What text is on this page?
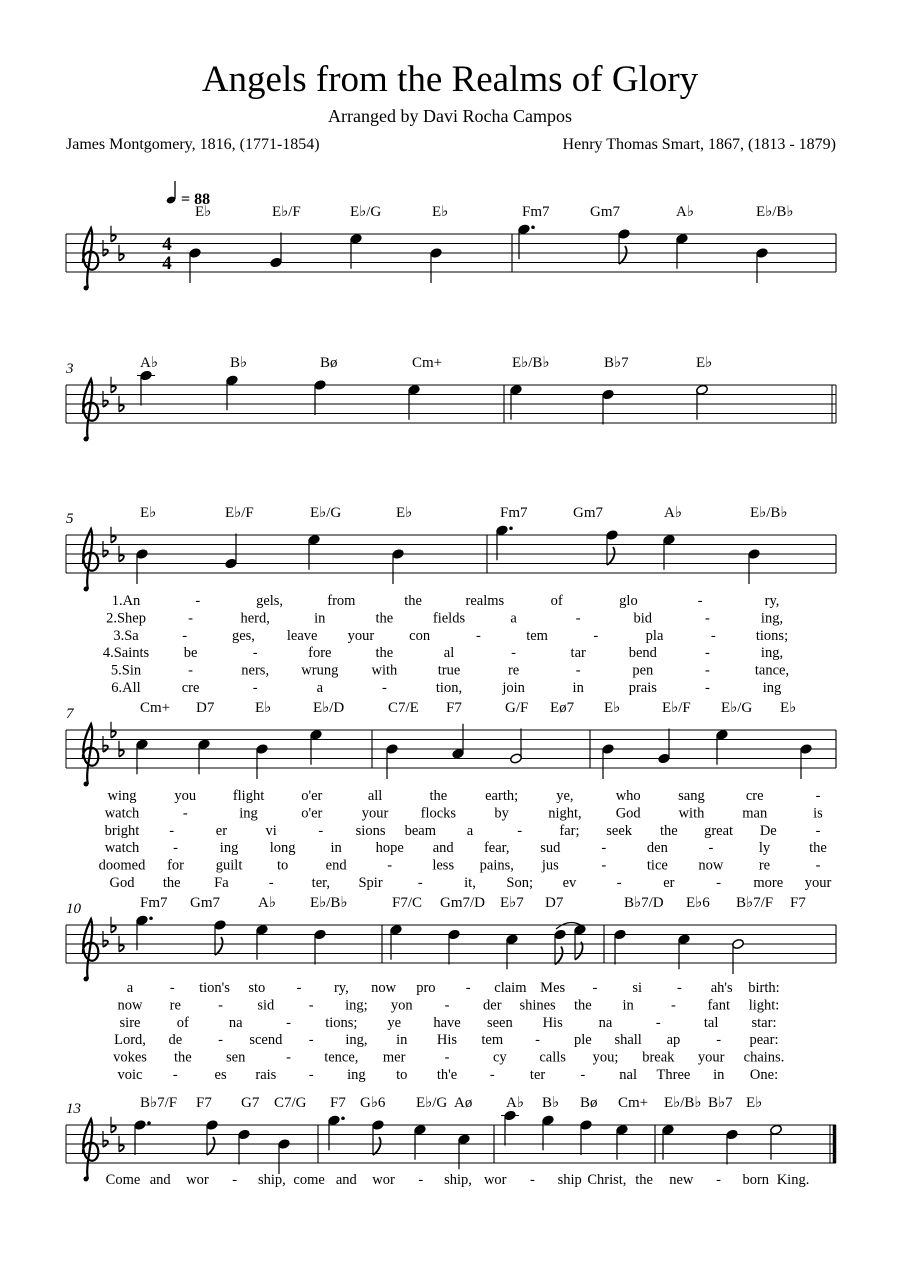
Angels from the Realms of Glory
Arranged by Davi Rocha Campos
James Montgomery, 1816, (1771-1854)	Henry Thomas Smart, 1867, (1813 - 1879)
= 88
4
4
E♭	E♭/F	E♭/G	E♭	Fm7	Gm7	A♭	E♭/B♭
3	A♭	B♭	Bø	Cm+	E♭/B♭	B♭7	E♭
5	E♭	E♭/F	E♭/G	E♭	Fm7	Gm7	A♭	E♭/B♭
1.An	-	gels,	from	the	realms	of	glo	-	ry,
2.Shep	-	herd,	in	the	fields	a	-	bid	-	ing,
3.Sa	-	ges, leave your con	-	tem	-	pla	-	tions;
4.Saints be	-	fore	the	al	-	tar	bend	-	ing,
5.Sin	-	ners, wrung with	true	re	-	pen	-	tance,
6.All	cre	-	a	-	tion,	join	in	prais	-	ing
7	Cm+ D7	E♭	E♭/D	C7/E F7	G/F Eø7 E♭	E♭/F E♭/G E♭
wing	you	flight	o'er	all	the	earth;	ye,	who	sang	cre	-
watch	-	ing	o'er	your flocks	by	night, God	with	man	is
bright -	er	vi	- sions beam a	-	far; seek the great De	-
watch -	ing long in hope and fear, sud	-	den	-	ly	the
doomed for guilt to	end	-	less pains, jus	-	tice now re	-
God the Fa	-	ter, Spir -	it, Son; ev	-	er	- more your
10	Fm7 Gm7	A♭ E♭/B♭	F7/C Gm7/D E♭7 D7	B♭7/D E♭6 B♭7/F F7
a	- tion's sto - ry, now pro - claim Mes - si - ah's birth:
now re	- sid - ing; yon - der shines the in	- fant light:
sire	of	na	- tions; ye have seen His na	-	tal star:
Lord, de - scend - ing, in His tem - ple shall ap - pear:
vokes the sen	- tence, mer	-	cy calls you; break your chains.
voic -	es rais - ing to th'e - ter - nal Three in One:
13	B♭7/F F7 G7 C7/G F7 G♭6 E♭/G Aø A♭ B♭ Bø Cm+ E♭/B♭ B♭7 E♭
Come and wor - ship, come and wor - ship, wor - ship Christ, the new - born King.
